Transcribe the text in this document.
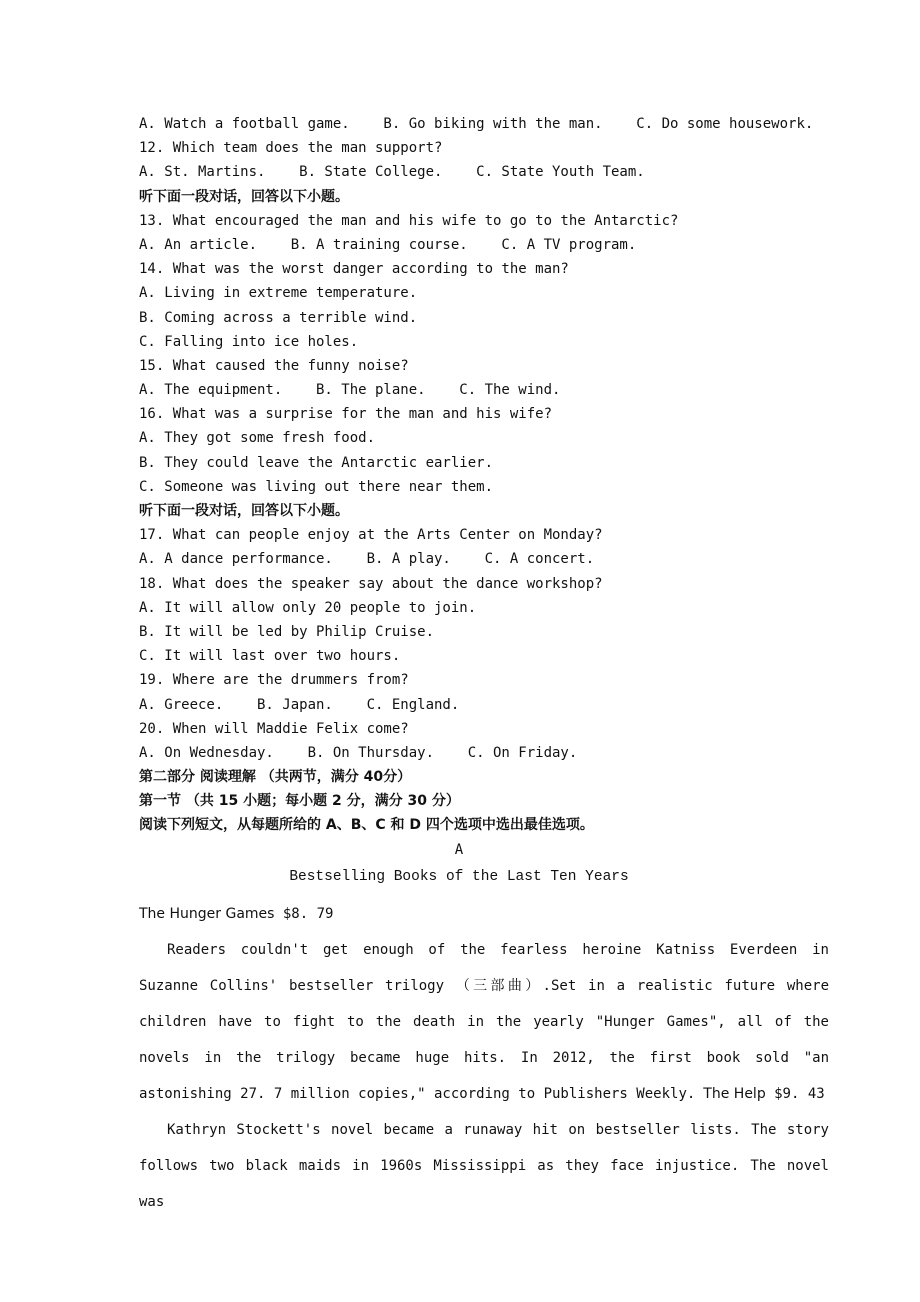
A. Watch a football game.    B. Go biking with the man.    C. Do some housework.
12. Which team does the man support?
A. St. Martins.    B. State College.    C. State Youth Team.
听下面一段对话，回答以下小题。
13. What encouraged the man and his wife to go to the Antarctic?
A. An article.    B. A training course.    C. A TV program.
14. What was the worst danger according to the man?
A. Living in extreme temperature.
B. Coming across a terrible wind.
C. Falling into ice holes.
15. What caused the funny noise?
A. The equipment.    B. The plane.    C. The wind.
16. What was a surprise for the man and his wife?
A. They got some fresh food.
B. They could leave the Antarctic earlier.
C. Someone was living out there near them.
听下面一段对话，回答以下小题。
17. What can people enjoy at the Arts Center on Monday?
A. A dance performance.    B. A play.    C. A concert.
18. What does the speaker say about the dance workshop?
A. It will allow only 20 people to join.
B. It will be led by Philip Cruise.
C. It will last over two hours.
19. Where are the drummers from?
A. Greece.    B. Japan.    C. England.
20. When will Maddie Felix come?
A. On Wednesday.    B. On Thursday.    C. On Friday.
第二部分 阅读理解 （共两节，满分 40分）
第一节 （共 15 小题；每小题 2 分，满分 30 分）
阅读下列短文，从每题所给的 A、B、C 和 D 四个选项中选出最佳选项。
A
Bestselling Books of the Last Ten Years

The Hunger Games $8. 79

Readers couldn't get enough of the fearless heroine Katniss Everdeen in Suzanne Collins' bestseller trilogy （三部曲）.Set in a realistic future where children have to fight to the death in the yearly "Hunger Games", all of the novels in the trilogy became huge hits. In 2012, the first book sold "an astonishing 27. 7 million copies," according to Publishers Weekly. The Help $9. 43

Kathryn Stockett's novel became a runaway hit on bestseller lists. The story follows two black maids in 1960s Mississippi as they face injustice. The novel was
